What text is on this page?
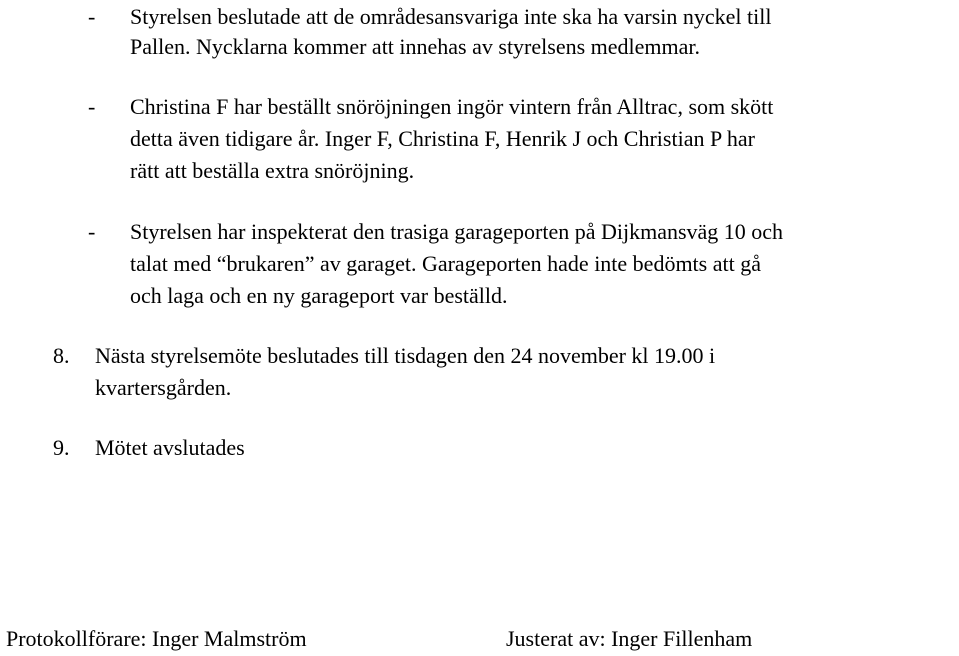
- Styrelsen beslutade att de områdesansvariga inte ska ha varsin nyckel till
Pallen. Nycklarna kommer att innehas av styrelsens medlemmar.
- Christina F har beställt snöröjningen ingör vintern från Alltrac, som skött
detta även tidigare år. Inger F, Christina F, Henrik J och Christian P har
rätt att beställa extra snöröjning.
- Styrelsen har inspekterat den trasiga garageporten på Dijkmansväg 10 och
talat med “brukaren” av garaget. Garageporten hade inte bedömts att gå
och laga och en ny garageport var beställd.
8. Nästa styrelsemöte beslutades till tisdagen den 24 november kl 19.00 i
kvartersgården.
9. Mötet avslutades
Protokollförare: Inger Malmström	Justerat av: Inger Fillenham
